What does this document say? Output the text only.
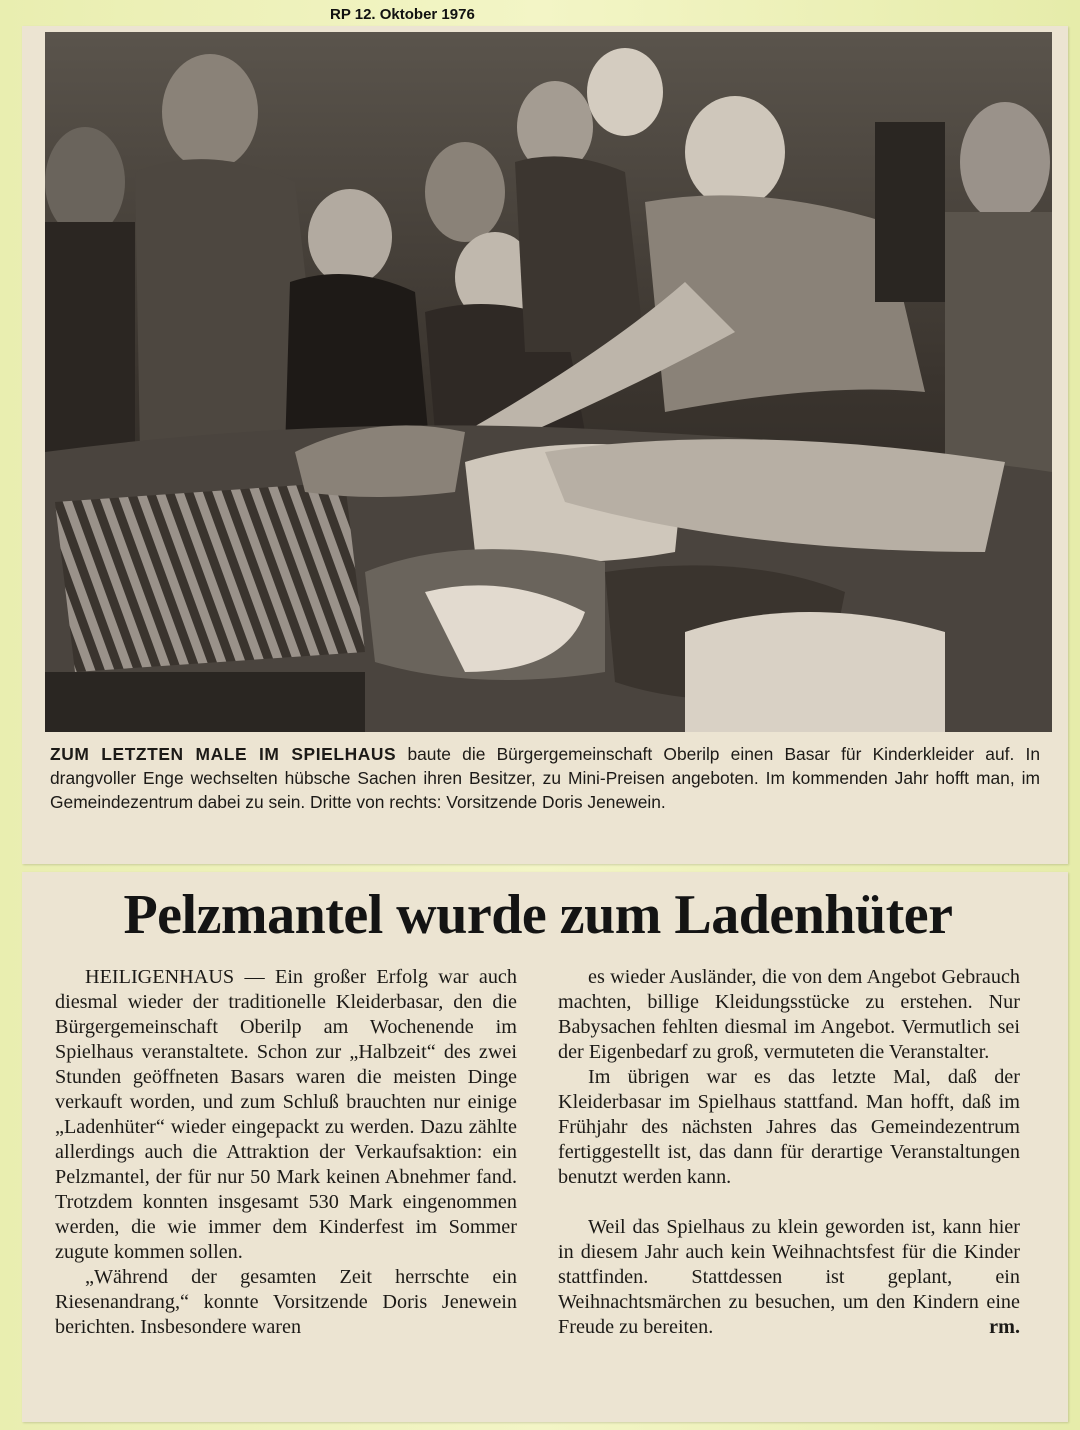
RP 12. Oktober 1976
ZUM LETZTEN MALE IM SPIELHAUS baute die Bürgergemeinschaft Oberilp einen Basar für Kinderkleider auf. In drangvoller Enge wechselten hübsche Sachen ihren Besitzer, zu Mini-Preisen angeboten. Im kommenden Jahr hofft man, im Gemeindezentrum dabei zu sein. Dritte von rechts: Vorsitzende Doris Jenewein.
Pelzmantel wurde zum Ladenhüter

HEILIGENHAUS — Ein großer Erfolg war auch diesmal wieder der traditionelle Kleiderbasar, den die Bürgergemeinschaft Oberilp am Wochenende im Spielhaus veranstaltete. Schon zur „Halbzeit“ des zwei Stunden geöffneten Basars waren die meisten Dinge verkauft worden, und zum Schluß brauchten nur einige „Ladenhüter“ wieder eingepackt zu werden. Dazu zählte allerdings auch die Attraktion der Verkaufsaktion: ein Pelzmantel, der für nur 50 Mark keinen Abnehmer fand. Trotzdem konnten insgesamt 530 Mark eingenommen werden, die wie immer dem Kinderfest im Sommer zugute kommen sollen.

„Während der gesamten Zeit herrschte ein Riesenandrang,“ konnte Vorsitzende Doris Jenewein berichten. Insbesondere waren

es wieder Ausländer, die von dem Angebot Gebrauch machten, billige Kleidungsstücke zu erstehen. Nur Babysachen fehlten diesmal im Angebot. Vermutlich sei der Eigenbedarf zu groß, vermuteten die Veranstalter.

Im übrigen war es das letzte Mal, daß der Kleiderbasar im Spielhaus stattfand. Man hofft, daß im Frühjahr des nächsten Jahres das Gemeindezentrum fertiggestellt ist, das dann für derartige Veranstaltungen benutzt werden kann.

Weil das Spielhaus zu klein geworden ist, kann hier in diesem Jahr auch kein Weihnachtsfest für die Kinder stattfinden. Stattdessen ist geplant, ein Weihnachtsmärchen zu besuchen, um den Kindern eine Freude zu bereiten.	rm.
